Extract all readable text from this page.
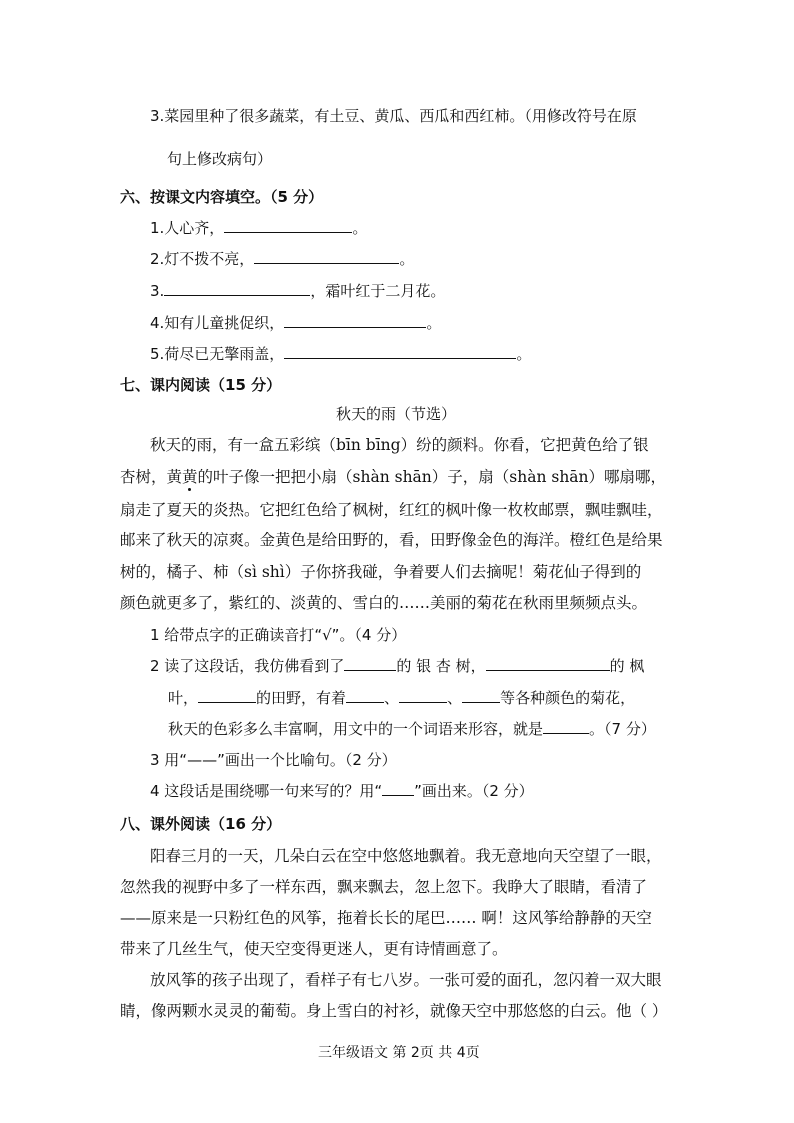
3.菜园里种了很多蔬菜，有土豆、黄瓜、西瓜和西红柿。（用修改符号在原
句上修改病句）
六、按课文内容填空。（5 分）
1.人心齐，	。
2.灯不拨不亮，	。
3.	，霜叶红于二月花。
4.知有儿童挑促织，	。
5.荷尽已无擎雨盖，	。
七、课内阅读（15 分）
秋天的雨（节选）
秋天的雨，有一盒五彩缤（bīn bīng）纷的颜料。你看，它把黄色给了银
杏树，黄黄的叶子像一把把小扇（shàn shān）子，扇（shàn shān）哪扇哪，
扇走了夏天的炎热。它把红色给了枫树，红红的枫叶像一枚枚邮票，飘哇飘哇，
邮来了秋天的凉爽。金黄色是给田野的，看，田野像金色的海洋。橙红色是给果
树的，橘子、柿（sì shì）子你挤我碰，争着要人们去摘呢！菊花仙子得到的
颜色就更多了，紫红的、淡黄的、雪白的……美丽的菊花在秋雨里频频点头。
1 给带点字的正确读音打“√”。（4 分）
2 读了这段话，我仿佛看到了	的 银 杏 树，	的 枫
叶，	的田野，有着	、	、	等各种颜色的菊花，
秋天的色彩多么丰富啊，用文中的一个词语来形容，就是	。（7 分）
3 用“——”画出一个比喻句。（2 分）
4 这段话是围绕哪一句来写的？用“ ”画出来。（2 分）
八、课外阅读（16 分）
阳春三月的一天，几朵白云在空中悠悠地飘着。我无意地向天空望了一眼，
忽然我的视野中多了一样东西，飘来飘去，忽上忽下。我睁大了眼睛，看清了
——原来是一只粉红色的风筝，拖着长长的尾巴…… 啊！这风筝给静静的天空
带来了几丝生气，使天空变得更迷人，更有诗情画意了。
放风筝的孩子出现了，看样子有七八岁。一张可爱的面孔，忽闪着一双大眼
睛，像两颗水灵灵的葡萄。身上雪白的衬衫，就像天空中那悠悠的白云。他（ ）
三年级语文 第 2页 共 4页
